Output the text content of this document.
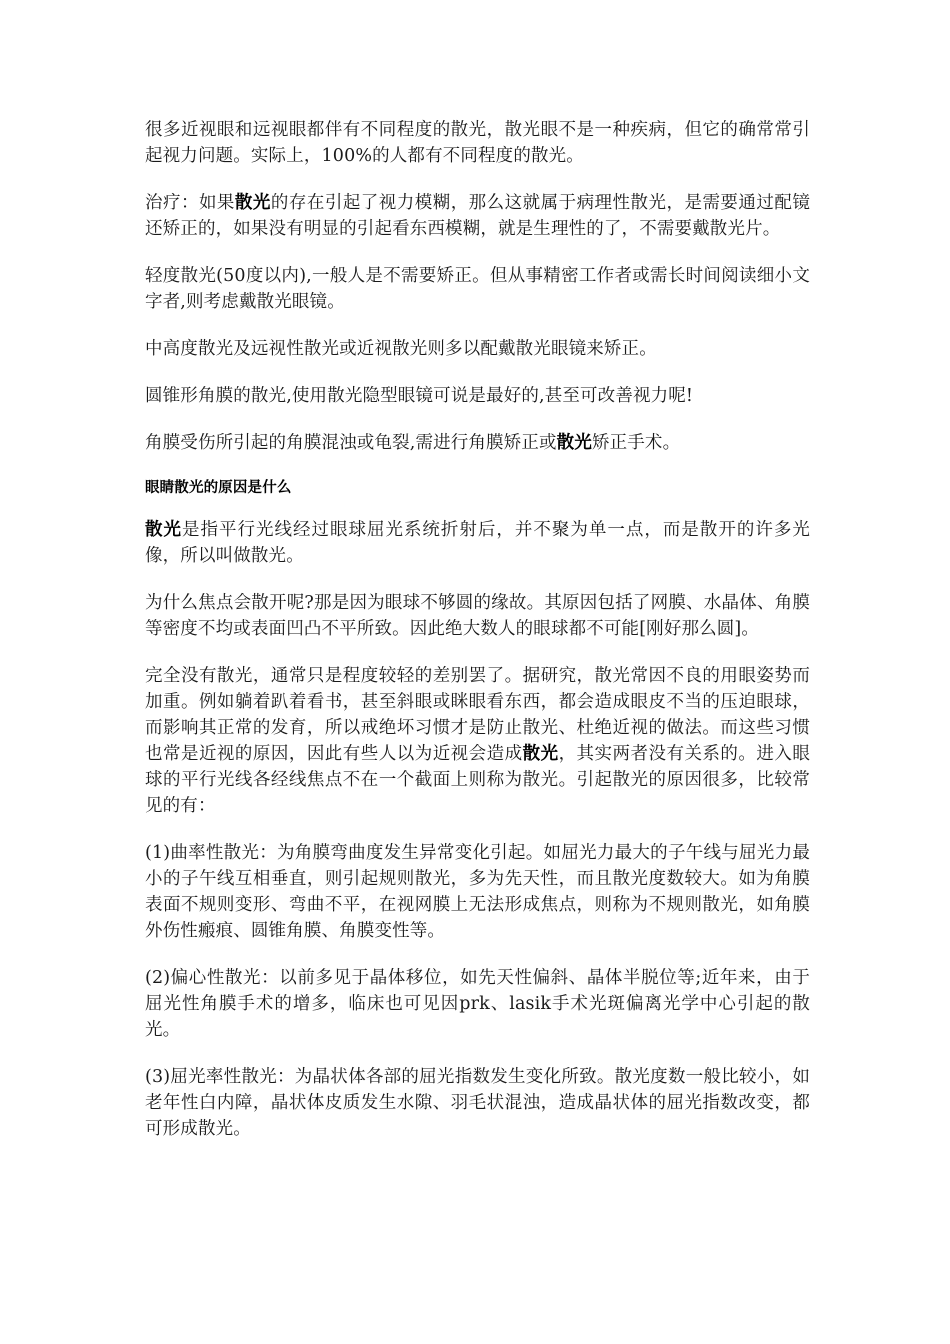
很多近视眼和远视眼都伴有不同程度的散光，散光眼不是一种疾病，但它的确常常引起视力问题。实际上，100%的人都有不同程度的散光。

治疗：如果散光的存在引起了视力模糊，那么这就属于病理性散光，是需要通过配镜还矫正的，如果没有明显的引起看东西模糊，就是生理性的了，不需要戴散光片。

轻度散光(50度以内),一般人是不需要矫正。但从事精密工作者或需长时间阅读细小文字者,则考虑戴散光眼镜。

中高度散光及远视性散光或近视散光则多以配戴散光眼镜来矫正。

圆锥形角膜的散光,使用散光隐型眼镜可说是最好的,甚至可改善视力呢!

角膜受伤所引起的角膜混浊或龟裂,需进行角膜矫正或散光矫正手术。

眼睛散光的原因是什么

散光是指平行光线经过眼球屈光系统折射后，并不聚为单一点，而是散开的许多光像，所以叫做散光。

为什么焦点会散开呢?那是因为眼球不够圆的缘故。其原因包括了网膜、水晶体、角膜等密度不均或表面凹凸不平所致。因此绝大数人的眼球都不可能[刚好那么圆]。

完全没有散光，通常只是程度较轻的差别罢了。据研究，散光常因不良的用眼姿势而加重。例如躺着趴着看书，甚至斜眼或眯眼看东西，都会造成眼皮不当的压迫眼球，而影响其正常的发育，所以戒绝坏习惯才是防止散光、杜绝近视的做法。而这些习惯也常是近视的原因，因此有些人以为近视会造成散光，其实两者没有关系的。进入眼球的平行光线各经线焦点不在一个截面上则称为散光。引起散光的原因很多，比较常见的有：

(1)曲率性散光：为角膜弯曲度发生异常变化引起。如屈光力最大的子午线与屈光力最小的子午线互相垂直，则引起规则散光，多为先天性，而且散光度数较大。如为角膜表面不规则变形、弯曲不平，在视网膜上无法形成焦点，则称为不规则散光，如角膜外伤性瘢痕、圆锥角膜、角膜变性等。

(2)偏心性散光：以前多见于晶体移位，如先天性偏斜、晶体半脱位等;近年来，由于屈光性角膜手术的增多，临床也可见因prk、lasik手术光斑偏离光学中心引起的散光。

(3)屈光率性散光：为晶状体各部的屈光指数发生变化所致。散光度数一般比较小，如老年性白内障，晶状体皮质发生水隙、羽毛状混浊，造成晶状体的屈光指数改变，都可形成散光。
